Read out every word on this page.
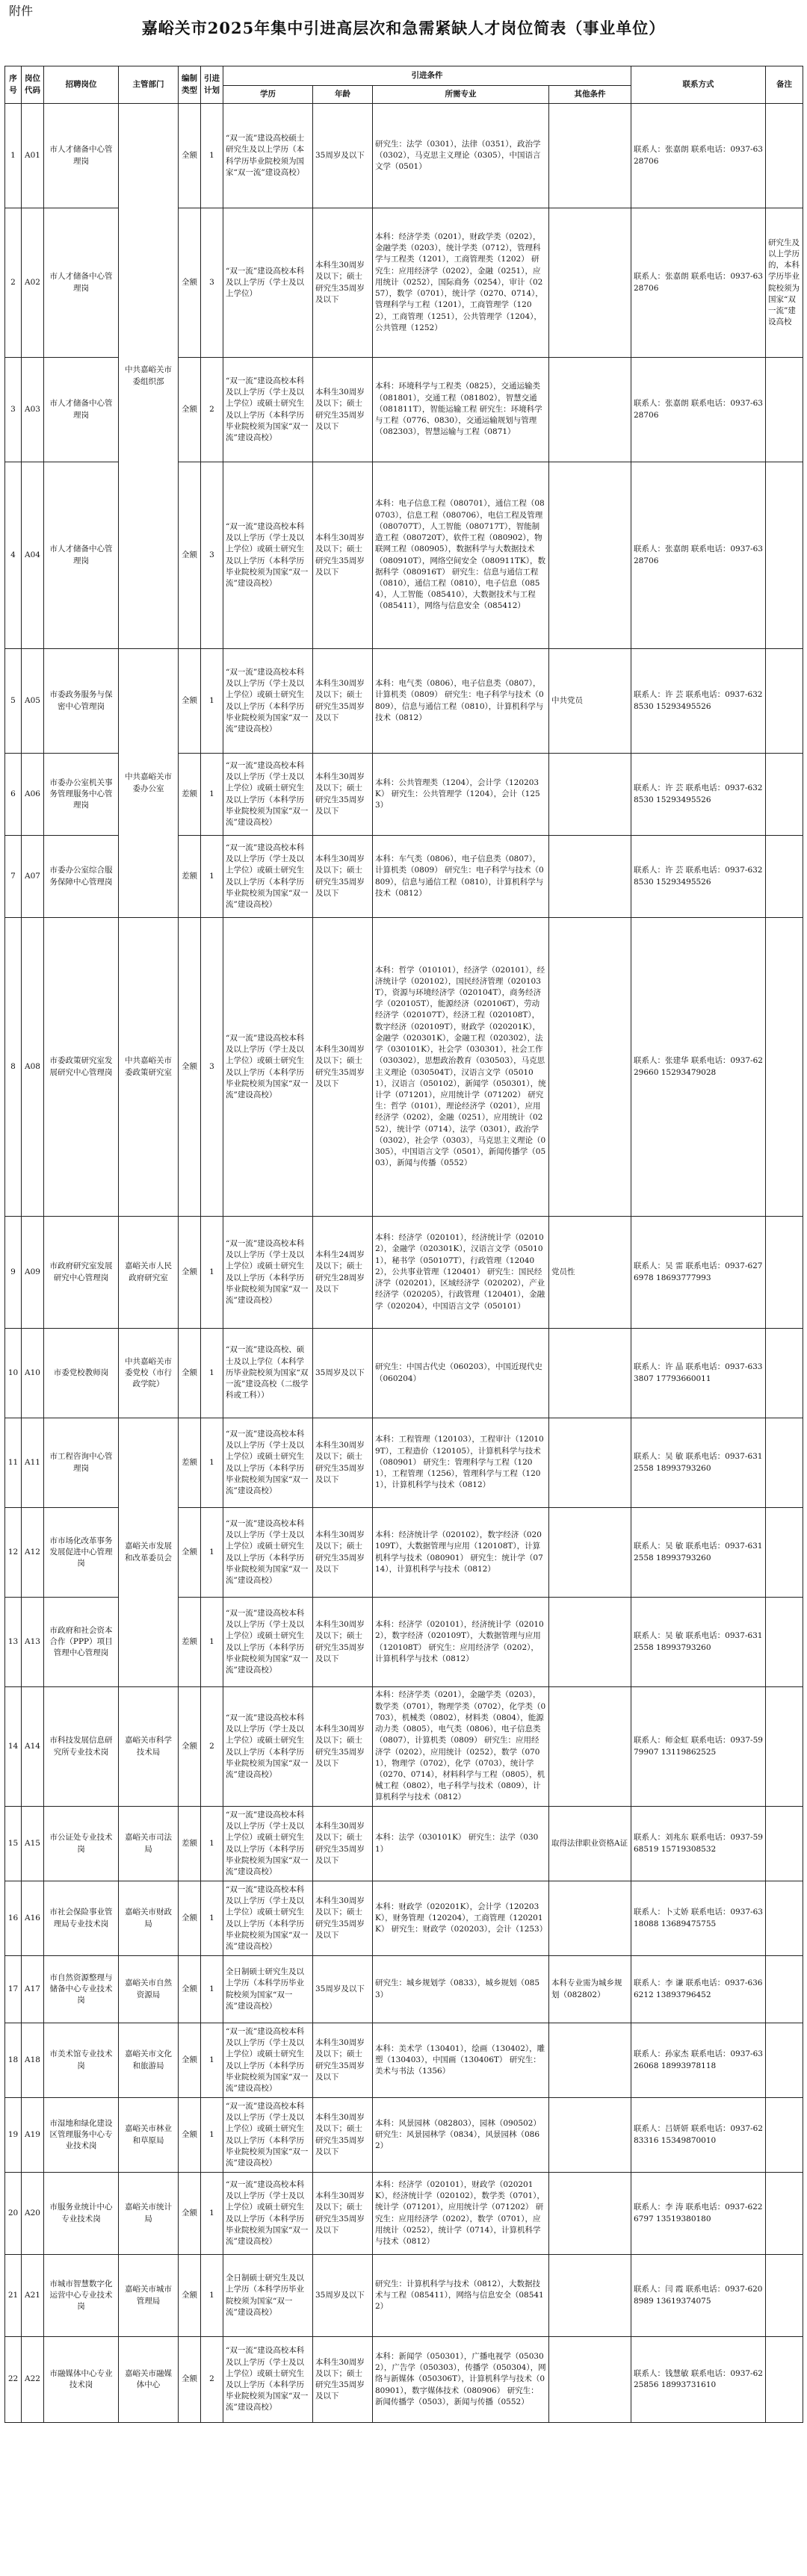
附件
嘉峪关市2025年集中引进高层次和急需紧缺人才岗位简表（事业单位）
序号	岗位代码	招聘岗位	主管部门	编制类型	引进计划	引进条件				联系方式	备注
						学历	年龄	所需专业	其他条件		
1	A01	市人才储备中心管理岗	中共嘉峪关市委组织部	全额	1	“双一流”建设高校硕士研究生及以上学历（本科学历毕业院校须为国家“双一流”建设高校）	35周岁及以下	研究生：法学（0301），法律（0351），政治学（0302），马克思主义理论（0305），中国语言文学（0501）		联系人：张嘉朗 联系电话：0937-6328706	
2	A02	市人才储备中心管理岗		全额	3	“双一流”建设高校本科及以上学历（学士及以上学位）	本科生30周岁及以下；硕士研究生35周岁及以下	本科：经济学类（0201），财政学类（0202），金融学类（0203），统计学类（0712），管理科学与工程类（1201），工商管理类（1202） 研究生：应用经济学（0202），金融（0251），应用统计（0252），国际商务（0254），审计（0257），数学（0701），统计学（0270、0714），管理科学与工程（1201），工商管理学（1202），工商管理（1251），公共管理学（1204），公共管理（1252）		联系人：张嘉朗 联系电话：0937-6328706	研究生及以上学历的，本科学历毕业院校须为国家“双一流”建设高校
3	A03	市人才储备中心管理岗		全额	2	“双一流”建设高校本科及以上学历（学士及以上学位）或硕士研究生及以上学历（本科学历毕业院校须为国家“双一流”建设高校）	本科生30周岁及以下；硕士研究生35周岁及以下	本科：环境科学与工程类（0825），交通运输类（081801），交通工程（081802），智慧交通（081811T），智能运输工程 研究生：环境科学与工程（0776、0830），交通运输规划与管理（082303），智慧运输与工程（0871）		联系人：张嘉朗 联系电话：0937-6328706	
4	A04	市人才储备中心管理岗		全额	3	“双一流”建设高校本科及以上学历（学士及以上学位）或硕士研究生及以上学历（本科学历毕业院校须为国家“双一流”建设高校）	本科生30周岁及以下；硕士研究生35周岁及以下	本科：电子信息工程（080701），通信工程（080703），信息工程（080706），电信工程及管理（080707T），人工智能（080717T），智能制造工程（080720T），软件工程（080902），物联网工程（080905），数据科学与大数据技术（080910T），网络空间安全（080911TK），数据科学（080916T） 研究生：信息与通信工程（0810），通信工程（0810），电子信息（0854），人工智能（085410），大数据技术与工程（085411），网络与信息安全（085412）		联系人：张嘉朗 联系电话：0937-6328706	
5	A05	市委政务服务与保密中心管理岗	中共嘉峪关市委办公室	全额	1	“双一流”建设高校本科及以上学历（学士及以上学位）或硕士研究生及以上学历（本科学历毕业院校须为国家“双一流”建设高校）	本科生30周岁及以下；硕士研究生35周岁及以下	本科：电气类（0806），电子信息类（0807），计算机类（0809） 研究生：电子科学与技术（0809），信息与通信工程（0810），计算机科学与技术（0812）	中共党员	联系人：许 芸 联系电话：0937-6328530 15293495526	
6	A06	市委办公室机关事务管理服务中心管理岗		差额	1	“双一流”建设高校本科及以上学历（学士及以上学位）或硕士研究生及以上学历（本科学历毕业院校须为国家“双一流”建设高校）	本科生30周岁及以下；硕士研究生35周岁及以下	本科：公共管理类（1204），会计学（120203K） 研究生：公共管理学（1204），会计（1253）		联系人：许 芸 联系电话：0937-6328530 15293495526	
7	A07	市委办公室综合服务保障中心管理岗		差额	1	“双一流”建设高校本科及以上学历（学士及以上学位）或硕士研究生及以上学历（本科学历毕业院校须为国家“双一流”建设高校）	本科生30周岁及以下；硕士研究生35周岁及以下	本科：车气类（0806），电子信息类（0807），计算机类（0809） 研究生：电子科学与技术（0809），信息与通信工程（0810），计算机科学与技术（0812）		联系人：许 芸 联系电话：0937-6328530 15293495526	
8	A08	市委政策研究室发展研究中心管理岗	中共嘉峪关市委政策研究室	全额	3	“双一流”建设高校本科及以上学历（学士及以上学位）或硕士研究生及以上学历（本科学历毕业院校须为国家“双一流”建设高校）	本科生30周岁及以下；硕士研究生35周岁及以下	本科：哲学（010101），经济学（020101），经济统计学（020102），国民经济管理（020103T），资源与环境经济学（020104T），商务经济学（020105T），能源经济（020106T），劳动经济学（020107T），经济工程（020108T），数字经济（020109T），财政学（020201K），金融学（020301K），金融工程（020302），法学（030101K），社会学（030301），社会工作（030302），思想政治教育（030503），马克思主义理论（030504T），汉语言文学（050101），汉语言（050102），新闻学（050301），统计学（071201），应用统计学（071202） 研究生：哲学（0101），理论经济学（0201），应用经济学（0202），金融（0251），应用统计（0252），统计学（0714），法学（0301），政治学（0302），社会学（0303），马克思主义理论（0305），中国语言文学（0501），新闻传播学（0503），新闻与传播（0552）		联系人：张建华 联系电话：0937-6229660 15293479028	
9	A09	市政府研究室发展研究中心管理岗	嘉峪关市人民政府研究室	全额	1	“双一流”建设高校本科及以上学历（学士及以上学位）或硕士研究生及以上学历（本科学历毕业院校须为国家“双一流”建设高校）	本科生24周岁及以下；硕士研究生28周岁及以下	本科：经济学（020101），经济统计学（020102），金融学（020301K），汉语言文学（050101），秘书学（050107T），行政管理（120402），公共事业管理（120401） 研究生：国民经济学（020201），区域经济学（020202），产业经济学（020205），行政管理（120401），金融学（020204），中国语言文学（050101）	党员性	联系人：吴 雷 联系电话：0937-6276978 18693777993	
10	A10	市委党校教师岗	中共嘉峪关市委党校（市行政学院）	全额	1	“双一流”建设高校、硕士及以上学位（本科学历毕业院校须为国家“双一流”建设高校（二级学科或工科））	35周岁及以下	研究生：中国古代史（060203），中国近现代史（060204）		联系人：许 晶 联系电话：0937-6333807 17793660011	
11	A11	市工程咨询中心管理岗	嘉峪关市发展和改革委员会	差额	1	“双一流”建设高校本科及以上学历（学士及以上学位）或硕士研究生及以上学历（本科学历毕业院校须为国家“双一流”建设高校）	本科生30周岁及以下；硕士研究生35周岁及以下	本科：工程管理（120103），工程审计（120109T），工程造价（120105），计算机科学与技术（080901） 研究生：管理科学与工程（1201），工程管理（1256），管理科学与工程（1201），计算机科学与技术（0812）		联系人：吴 敏 联系电话：0937-6312558 18993793260	
12	A12	市市场化改革事务发展促进中心管理岗		全额	1	“双一流”建设高校本科及以上学历（学士及以上学位）或硕士研究生及以上学历（本科学历毕业院校须为国家“双一流”建设高校）	本科生30周岁及以下；硕士研究生35周岁及以下	本科：经济统计学（020102），数字经济（020109T），大数据管理与应用（120108T），计算机科学与技术（080901） 研究生：统计学（0714），计算机科学与技术（0812）		联系人：吴 敏 联系电话：0937-6312558 18993793260	
13	A13	市政府和社会资本合作（PPP）项目管理中心管理岗		差额	1	“双一流”建设高校本科及以上学历（学士及以上学位）或硕士研究生及以上学历（本科学历毕业院校须为国家“双一流”建设高校）	本科生30周岁及以下；硕士研究生35周岁及以下	本科：经济学（020101），经济统计学（020102），数字经济（020109T），大数据管理与应用（120108T） 研究生：应用经济学（0202），计算机科学与技术（0812）		联系人：吴 敏 联系电话：0937-6312558 18993793260	
14	A14	市科技发展信息研究所专业技术岗	嘉峪关市科学技术局	全额	2	“双一流”建设高校本科及以上学历（学士及以上学位）或硕士研究生及以上学历（本科学历毕业院校须为国家“双一流”建设高校）	本科生30周岁及以下；硕士研究生35周岁及以下	本科：经济学类（0201），金融学类（0203），数学类（0701），物理学类（0702），化学类（0703），机械类（0802），材料类（0804），能源动力类（0805），电气类（0806），电子信息类（0807），计算机类（0809） 研究生：应用经济学（0202），应用统计（0252），数学（0701），物理学（0702），化学（0703），统计学（0270、0714），材料科学与工程（0805），机械工程（0802），电子科学与技术（0809），计算机科学与技术（0812）		联系人：师金虹 联系电话：0937-5979907 13119862525	
15	A15	市公证处专业技术岗	嘉峪关市司法局	差额	1	“双一流”建设高校本科及以上学历（学士及以上学位）或硕士研究生及以上学历（本科学历毕业院校须为国家“双一流”建设高校）	本科生30周岁及以下；硕士研究生35周岁及以下	本科：法学（030101K） 研究生：法学（0301）	取得法律职业资格A证	联系人：刘兆东 联系电话：0937-5968519 15719308532	
16	A16	市社会保险事业管理局专业技术岗	嘉峪关市财政局	全额	1	“双一流”建设高校本科及以上学历（学士及以上学位）或硕士研究生及以上学历（本科学历毕业院校须为国家“双一流”建设高校）	本科生30周岁及以下；硕士研究生35周岁及以下	本科：财政学（020201K），会计学（120203K），财务管理（120204），工商管理（120201K） 研究生：财政学（020203），会计（1253）		联系人：卜丈娇 联系电话：0937-6318088 13689475755	
17	A17	市自然资源整理与储备中心专业技术岗	嘉峪关市自然资源局	全额	1	全日制硕士研究生及以上学历（本科学历毕业院校须为国家“双一流”建设高校）	35周岁及以下	研究生：城乡规划学（0833），城乡规划（0853）	本科专业需为城乡规划（082802）	联系人：李 谦 联系电话：0937-6366212 13893796452	
18	A18	市美术馆专业技术岗	嘉峪关市文化和旅游局	全额	1	“双一流”建设高校本科及以上学历（学士及以上学位）或硕士研究生及以上学历（本科学历毕业院校须为国家“双一流”建设高校）	本科生30周岁及以下；硕士研究生35周岁及以下	本科：美术学（130401），绘画（130402），雕塑（130403），中国画（130406T） 研究生：美术与书法（1356）		联系人：孙家杰 联系电话：0937-6326068 18993978118	
19	A19	市湿地和绿化建设区管理服务中心专业技术岗	嘉峪关市林业和草原局	全额	1	“双一流”建设高校本科及以上学历（学士及以上学位）或硕士研究生及以上学历（本科学历毕业院校须为国家“双一流”建设高校）	本科生30周岁及以下；硕士研究生35周岁及以下	本科：风景园林（082803），园林（090502） 研究生：风景园林学（0834），风景园林（0862）		联系人：吕妍妍 联系电话：0937-6283316 15349870010	
20	A20	市服务业统计中心专业技术岗	嘉峪关市统计局	全额	1	“双一流”建设高校本科及以上学历（学士及以上学位）或硕士研究生及以上学历（本科学历毕业院校须为国家“双一流”建设高校）	本科生30周岁及以下；硕士研究生35周岁及以下	本科：经济学（020101），财政学（020201K），经济统计学（020102），数学类（0701），统计学（071201），应用统计学（071202） 研究生：应用经济学（0202），数学（0701），应用统计（0252），统计学（0714），计算机科学与技术（0812）		联系人：李 涛 联系电话：0937-6226797 13519380180	
21	A21	市城市智慧数字化运营中心专业技术岗	嘉峪关市城市管理局	全额	1	全日制硕士研究生及以上学历（本科学历毕业院校须为国家“双一流”建设高校）	35周岁及以下	研究生：计算机科学与技术（0812），大数据技术与工程（085411），网络与信息安全（085412）		联系人：闫 霞 联系电话：0937-6208989 13619374075	
22	A22	市融媒体中心专业技术岗	嘉峪关市融媒体中心	全额	2	“双一流”建设高校本科及以上学历（学士及以上学位）或硕士研究生及以上学历（本科学历毕业院校须为国家“双一流”建设高校）	本科生30周岁及以下；硕士研究生35周岁及以下	本科：新闻学（050301），广播电视学（050302），广告学（050303），传播学（050304），网络与新媒体（050306T），计算机科学与技术（080901），数字媒体技术（080906） 研究生：新闻传播学（0503），新闻与传播（0552）		联系人：钱慧敏 联系电话：0937-6225856 18993731610	
